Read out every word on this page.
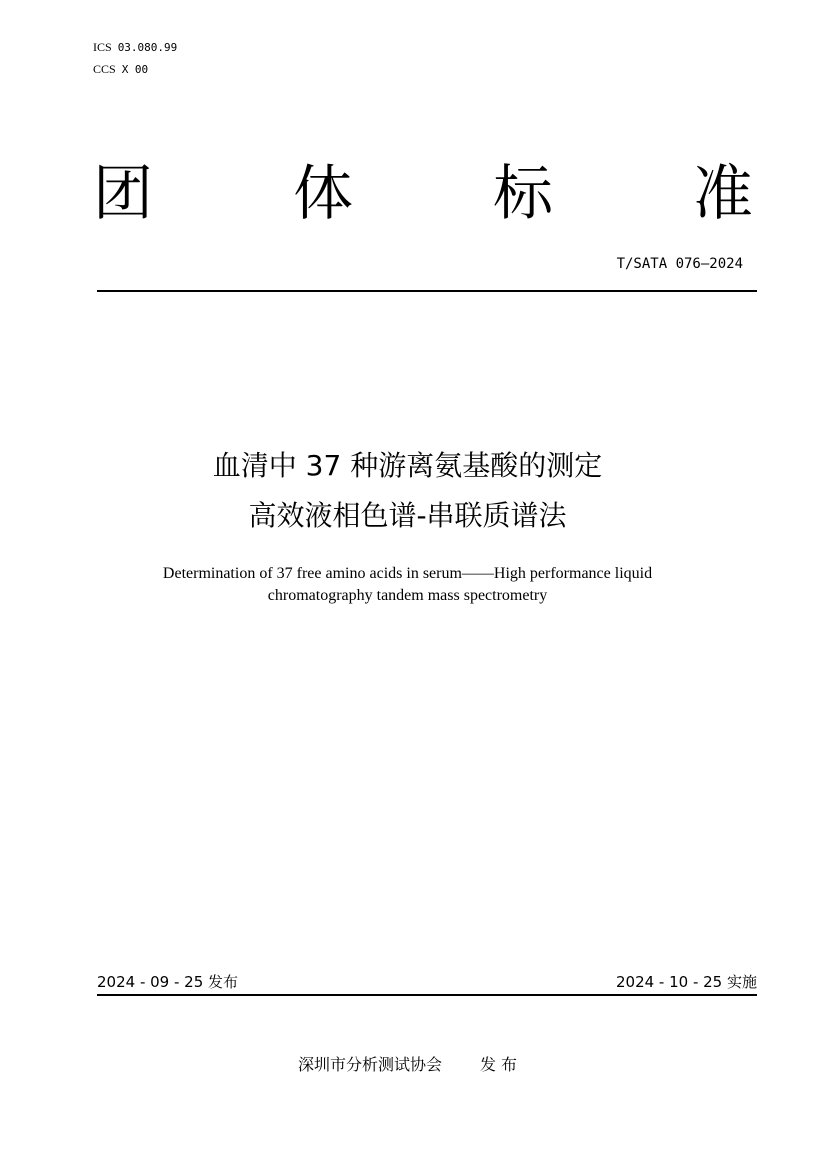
ICS 03.080.99
CCS X 00
团 体 标 准
T/SATA 076—2024
血清中 37 种游离氨基酸的测定
高效液相色谱-串联质谱法
Determination of 37 free amino acids in serum——High performance liquid
chromatography tandem mass spectrometry
2024 - 09 - 25 发布	2024 - 10 - 25 实施
深圳市分析测试协会 发 布
